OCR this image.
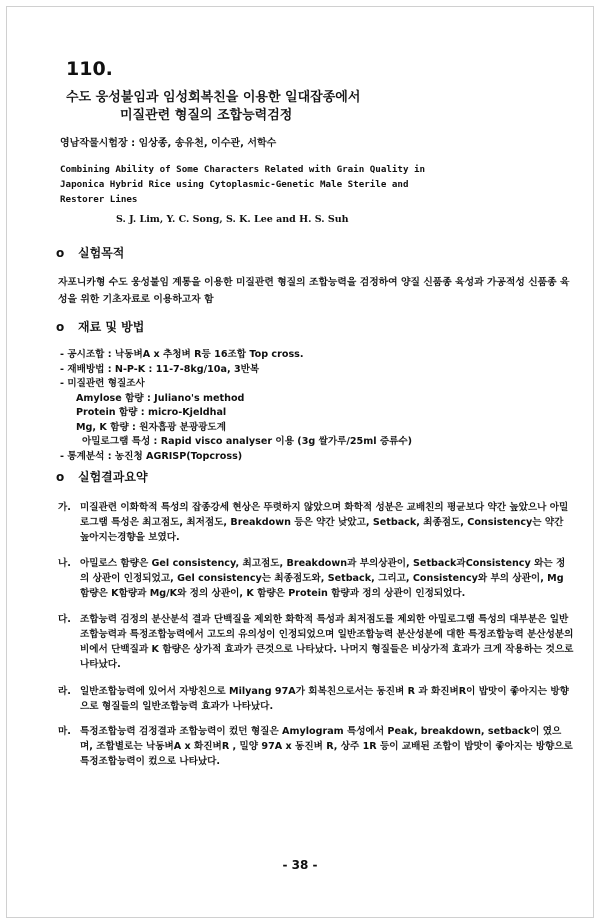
110.
수도 웅성불임과 임성회복친을 이용한 일대잡종에서
미질관련 형질의 조합능력검정
영남작물시험장 : 임상종, 송유천, 이수관, 서학수
Combining Ability of Some Characters Related with Grain Quality in
Japonica Hybrid Rice using Cytoplasmic-Genetic Male Sterile and
Restorer Lines
S. J. Lim, Y. C. Song, S. K. Lee and H. S. Suh
o 실험목적
자포니카형 수도 웅성불임 계통을 이용한 미질관련 형질의 조합능력을 검정하여 양질 신품종 육성과 가공적성 신품종 육성을 위한 기초자료로 이용하고자 함
o 재료 및 방법
- 공시조합 : 낙동벼A x 추청벼 R등 16조합 Top cross.
- 재배방법 : N-P-K : 11-7-8kg/10a, 3반복
- 미질관련 형질조사
Amylose 함량 : Juliano's method
Protein 함량 : micro-Kjeldhal
Mg, K 함량 : 원자흡광 분광광도계
아밀로그램 특성 : Rapid visco analyser 이용 (3g 쌀가루/25ml 증류수)
- 통계분석 : 농진청 AGRISP(Topcross)
o 실험결과요약
가. 미질관련 이화학적 특성의 잡종강세 현상은 뚜렷하지 않았으며 화학적 성분은 교배친의 평균보다 약간 높았으나 아밀로그램 특성은 최고점도, 최저점도, Breakdown 등은 약간 낮았고, Setback, 최종점도, Consistency는 약간 높아지는경향을 보였다.
나. 아밀로스 함량은 Gel consistency, 최고점도, Breakdown과 부의상관이, Setback과Consistency 와는 정의 상관이 인정되었고, Gel consistency는 최종점도와, Setback, 그리고, Consistency와 부의 상관이, Mg 함량은 K함량과 Mg/K와 정의 상관이, K 함량은 Protein 함량과 정의 상관이 인정되었다.
다. 조합능력 검정의 분산분석 결과 단백질을 제외한 화학적 특성과 최저점도를 제외한 아밀로그램 특성의 대부분은 일반조합능력과 특정조합능력에서 고도의 유의성이 인정되었으며 일반조합능력 분산성분에 대한 특정조합능력 분산성분의 비에서 단백질과 K 함량은 상가적 효과가 큰것으로 나타났다. 나머지 형질들은 비상가적 효과가 크게 작용하는 것으로 나타났다.
라. 일반조합능력에 있어서 자방친으로 Milyang 97A가 회복친으로서는 동진벼 R 과 화진벼R이 밥맛이 좋아지는 방향으로 형질들의 일반조합능력 효과가 나타났다.
마. 특정조합능력 검정결과 조합능력이 컸던 형질은 Amylogram 특성에서 Peak, breakdown, setback이 였으며, 조합별로는 낙동벼A x 화진벼R , 밀양 97A x 동진벼 R, 상주 1R 등이 교배된 조합이 밥맛이 좋아지는 방향으로 특정조합능력이 컸으로 나타났다.
- 38 -
